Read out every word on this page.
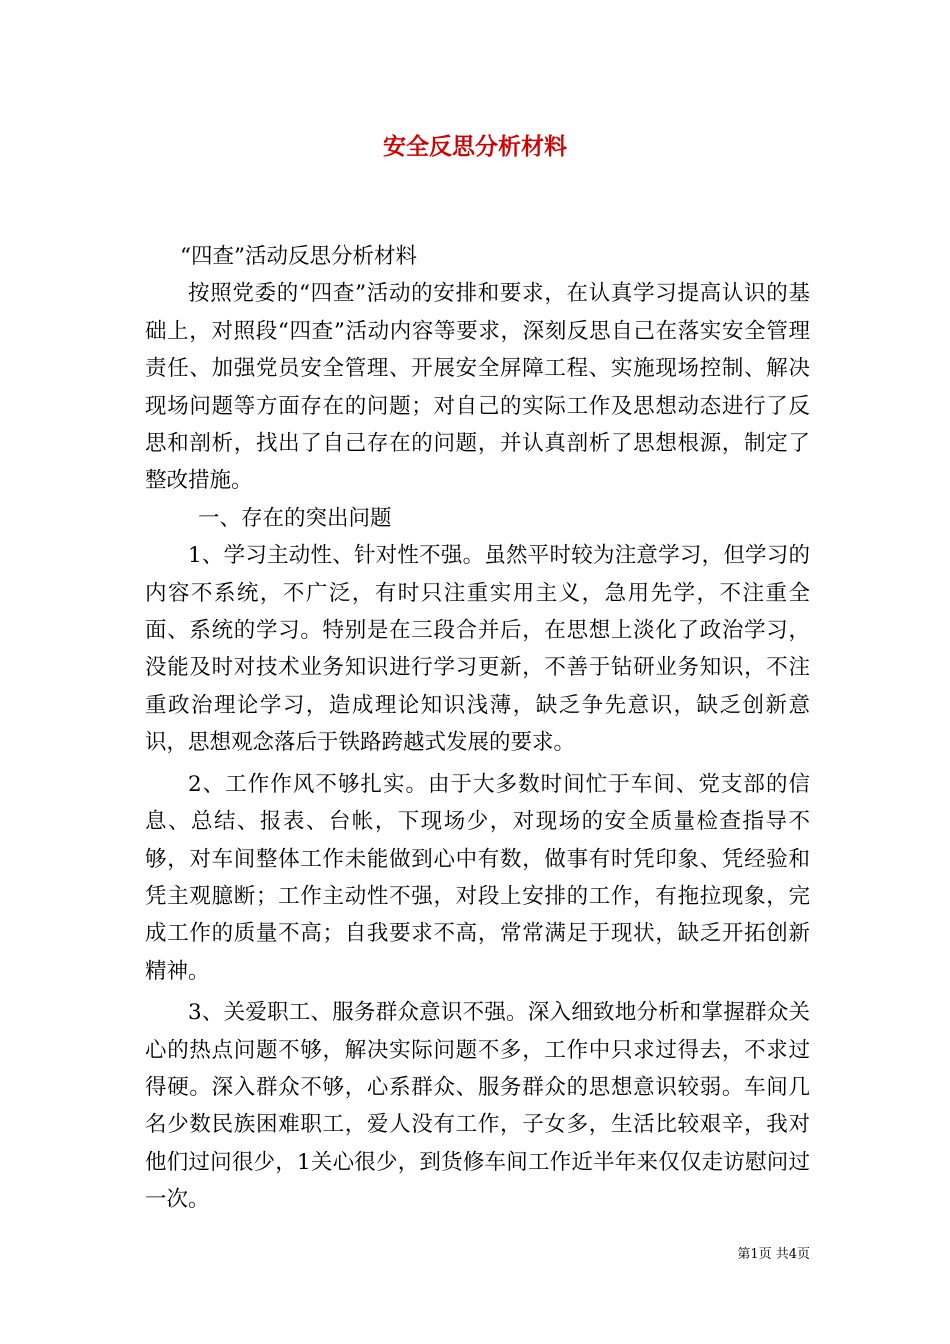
安全反思分析材料

“四查”活动反思分析材料

按照党委的“四查”活动的安排和要求，在认真学习提高认识的基础上，对照段“四查”活动内容等要求，深刻反思自己在落实安全管理责任、加强党员安全管理、开展安全屏障工程、实施现场控制、解决现场问题等方面存在的问题；对自己的实际工作及思想动态进行了反思和剖析，找出了自己存在的问题，并认真剖析了思想根源，制定了整改措施。

一、存在的突出问题

1、学习主动性、针对性不强。虽然平时较为注意学习，但学习的内容不系统，不广泛，有时只注重实用主义，急用先学，不注重全面、系统的学习。特别是在三段合并后，在思想上淡化了政治学习，没能及时对技术业务知识进行学习更新，不善于钻研业务知识，不注重政治理论学习，造成理论知识浅薄，缺乏争先意识，缺乏创新意识，思想观念落后于铁路跨越式发展的要求。

2、工作作风不够扎实。由于大多数时间忙于车间、党支部的信息、总结、报表、台帐，下现场少，对现场的安全质量检查指导不够，对车间整体工作未能做到心中有数，做事有时凭印象、凭经验和凭主观臆断；工作主动性不强，对段上安排的工作，有拖拉现象，完成工作的质量不高；自我要求不高，常常满足于现状，缺乏开拓创新精神。

3、关爱职工、服务群众意识不强。深入细致地分析和掌握群众关心的热点问题不够，解决实际问题不多，工作中只求过得去，不求过得硬。深入群众不够，心系群众、服务群众的思想意识较弱。车间几名少数民族困难职工，爱人没有工作，子女多，生活比较艰辛，我对他们过问很少，1关心很少，到货修车间工作近半年来仅仅走访慰问过一次。

第1页 共4页
